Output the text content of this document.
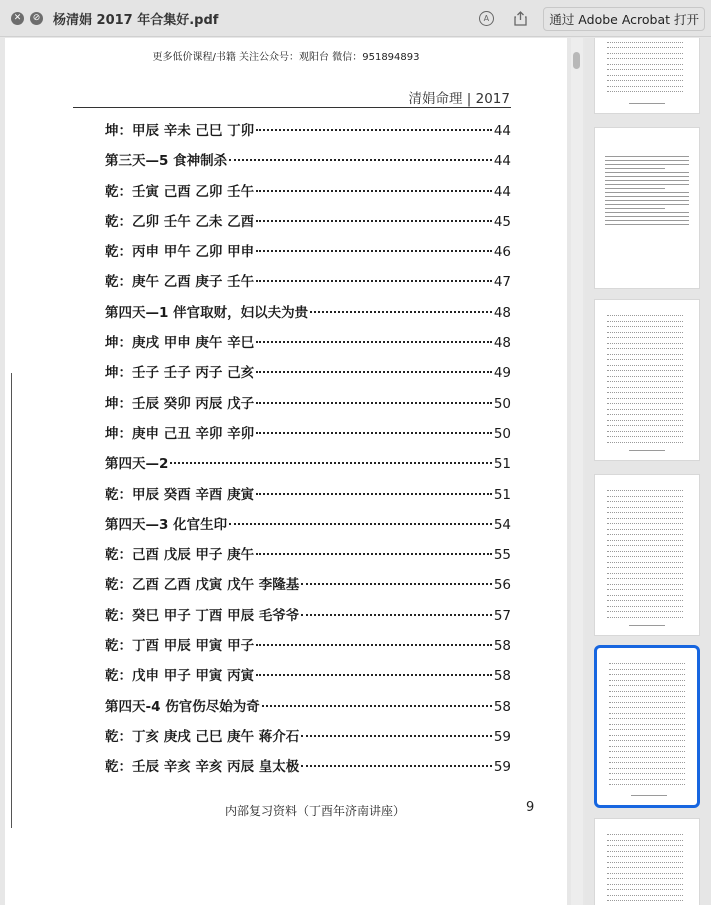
✕	⊘ 杨清娟 2017 年合集好.pdf	A	通过 Adobe Acrobat 打开
更多低价课程/书籍 关注公众号：观阳台 微信：951894893
清娟命理 | 2017
坤：甲辰 辛未 己巳 丁卯	44
第三天—5 食神制杀	44
乾：壬寅 己酉 乙卯 壬午	44
乾：乙卯 壬午 乙未 乙酉	45
乾：丙申 甲午 乙卯 甲申	46
乾：庚午 乙酉 庚子 壬午	47
第四天—1 伴官取财，妇以夫为贵	48
坤：庚戌 甲申 庚午 辛巳	48
坤：壬子 壬子 丙子 己亥	49
坤：壬辰 癸卯 丙辰 戊子	50
坤：庚申 己丑 辛卯 辛卯	50
第四天—2	51
乾：甲辰 癸酉 辛酉 庚寅	51
第四天—3 化官生印	54
乾：己酉 戊辰 甲子 庚午	55
乾：乙酉 乙酉 戊寅 戊午 李隆基	56
乾：癸巳 甲子 丁酉 甲辰 毛爷爷	57
乾：丁酉 甲辰 甲寅 甲子	58
乾：戊申 甲子 甲寅 丙寅	58
第四天-4 伤官伤尽始为奇	58
乾：丁亥 庚戌 己巳 庚午 蒋介石	59
乾：壬辰 辛亥 辛亥 丙辰 皇太极	59
内部复习资料（丁酉年济南讲座）	9
